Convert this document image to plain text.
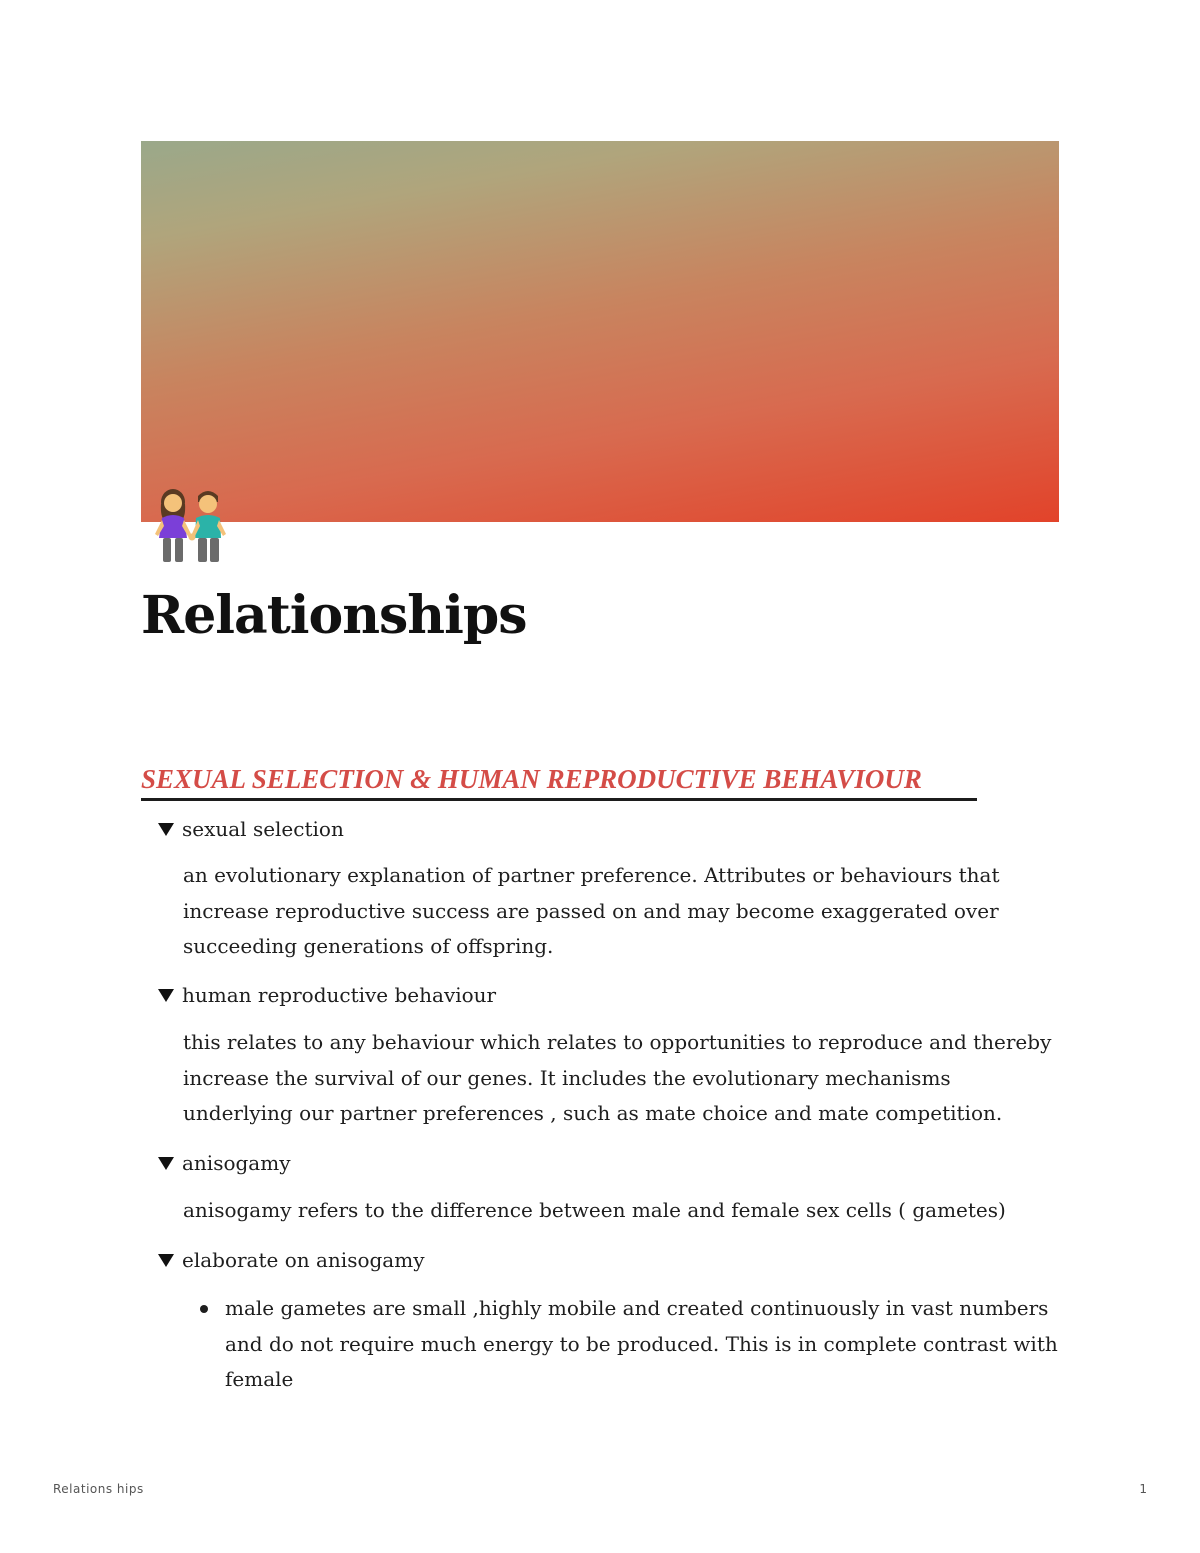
Relationships
SEXUAL SELECTION & HUMAN REPRODUCTIVE BEHAVIOUR
sexual selection

an evolutionary explanation of partner preference. Attributes or behaviours that increase reproductive success are passed on and may become exaggerated over succeeding generations of offspring.

human reproductive behaviour

this relates to any behaviour which relates to opportunities to reproduce and thereby increase the survival of our genes. It includes the evolutionary mechanisms underlying our partner preferences , such as mate choice and mate competition.

anisogamy

anisogamy refers to the difference between male and female sex cells ( gametes)

elaborate on anisogamy
male gametes are small ,highly mobile and created continuously in vast numbers and do not require much energy to be produced. This is in complete contrast with female
Relations hips	1
